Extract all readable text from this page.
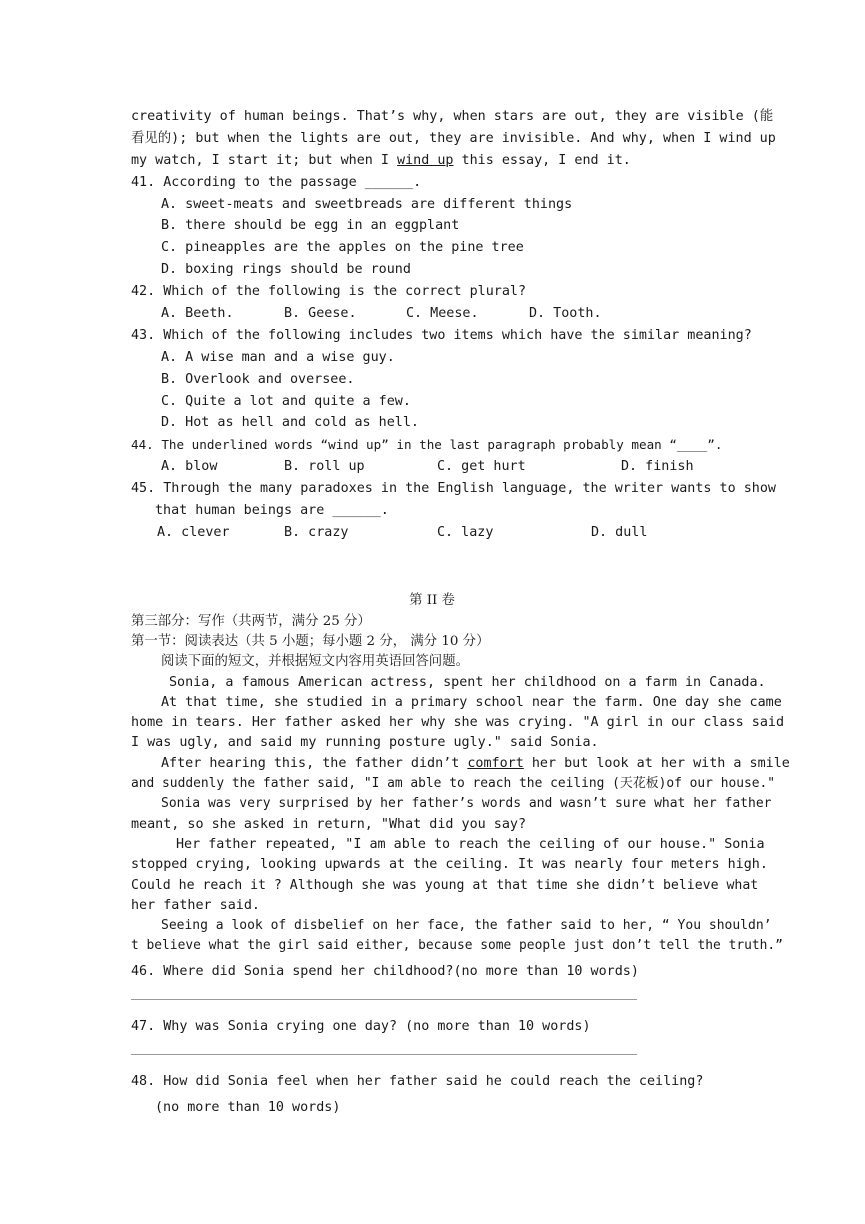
creativity of human beings. That’s why, when stars are out, they are visible (能
看见的); but when the lights are out, they are invisible. And why, when I wind up
my watch, I start it; but when I wind up this essay, I end it.
41. According to the passage ______.
A. sweet-meats and sweetbreads are different things
B. there should be egg in an eggplant
C. pineapples are the apples on the pine tree
D. boxing rings should be round
42. Which of the following is the correct plural?
A. Beeth.	B. Geese.	C. Meese.	D. Tooth.
43. Which of the following includes two items which have the similar meaning?
A. A wise man and a wise guy.
B. Overlook and oversee.
C. Quite a lot and quite a few.
D. Hot as hell and cold as hell.
44. The underlined words “wind up” in the last paragraph probably mean “____”.
A. blow	B. roll up	C. get hurt	D. finish
45. Through the many paradoxes in the English language, the writer wants to show
that human beings are ______.
A. clever	B. crazy	C. lazy	D. dull
第 II 卷
第三部分：写作（共两节，满分 25 分）
第一节：阅读表达（共 5 小题；每小题 2 分， 满分 10 分）
阅读下面的短文，并根据短文内容用英语回答问题。
Sonia, a famous American actress, spent her childhood on a farm in Canada.
At that time, she studied in a primary school near the farm. One day she came
home in tears. Her father asked her why she was crying. "A girl in our class said
I was ugly, and said my running posture ugly." said Sonia.
After hearing this, the father didn’t comfort her but look at her with a smile
and suddenly the father said, "I am able to reach the ceiling (天花板)of our house."
Sonia was very surprised by her father’s words and wasn’t sure what her father
meant, so she asked in return, "What did you say?
Her father repeated, "I am able to reach the ceiling of our house." Sonia
stopped crying, looking upwards at the ceiling. It was nearly four meters high.
Could he reach it ? Although she was young at that time she didn’t believe what
her father said.
Seeing a look of disbelief on her face, the father said to her, “ You shouldn’
t believe what the girl said either, because some people just don’t tell the truth.”
46. Where did Sonia spend her childhood?(no more than 10 words)
47. Why was Sonia crying one day? (no more than 10 words)
48. How did Sonia feel when her father said he could reach the ceiling?
(no more than 10 words)
